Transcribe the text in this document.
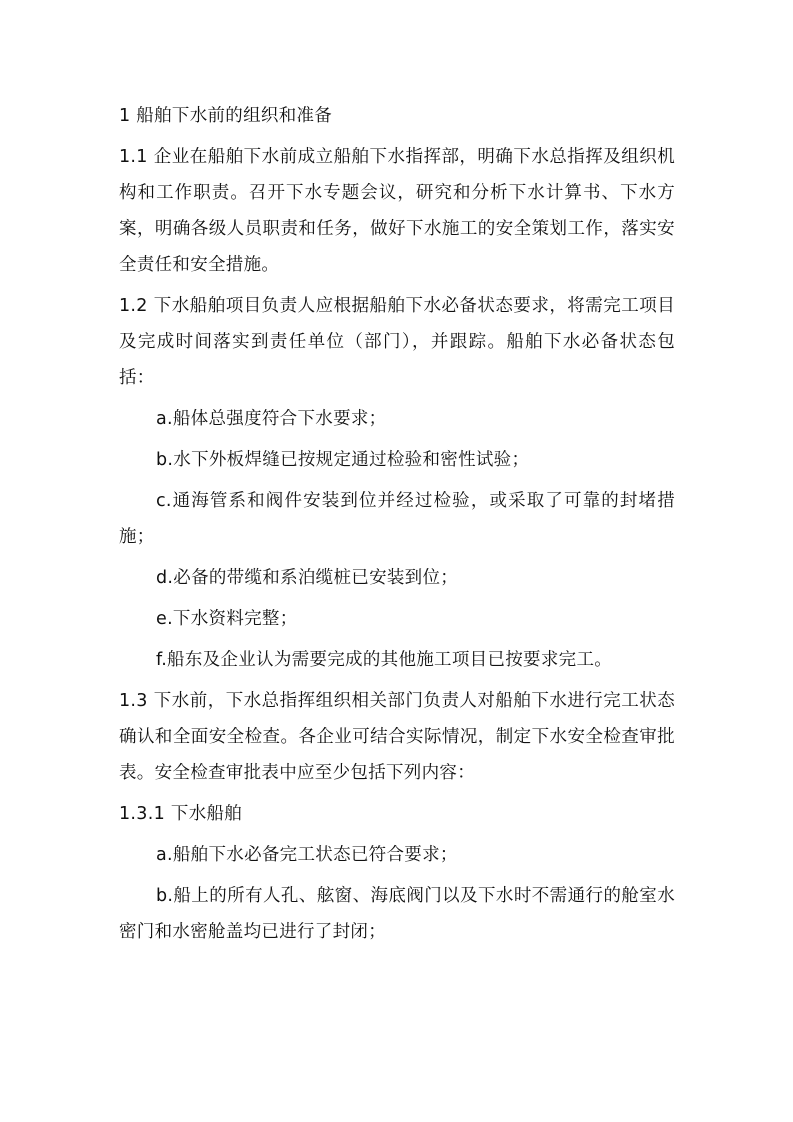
1 船舶下水前的组织和准备

1.1 企业在船舶下水前成立船舶下水指挥部，明确下水总指挥及组织机构和工作职责。召开下水专题会议，研究和分析下水计算书、下水方案，明确各级人员职责和任务，做好下水施工的安全策划工作，落实安全责任和安全措施。

1.2 下水船舶项目负责人应根据船舶下水必备状态要求，将需完工项目及完成时间落实到责任单位（部门），并跟踪。船舶下水必备状态包括：

a.船体总强度符合下水要求；

b.水下外板焊缝已按规定通过检验和密性试验；

c.通海管系和阀件安装到位并经过检验，或采取了可靠的封堵措施；

d.必备的带缆和系泊缆桩已安装到位；

e.下水资料完整；

f.船东及企业认为需要完成的其他施工项目已按要求完工。

1.3 下水前，下水总指挥组织相关部门负责人对船舶下水进行完工状态确认和全面安全检查。各企业可结合实际情况，制定下水安全检查审批表。安全检查审批表中应至少包括下列内容：

1.3.1 下水船舶

a.船舶下水必备完工状态已符合要求；

b.船上的所有人孔、舷窗、海底阀门以及下水时不需通行的舱室水密门和水密舱盖均已进行了封闭；
